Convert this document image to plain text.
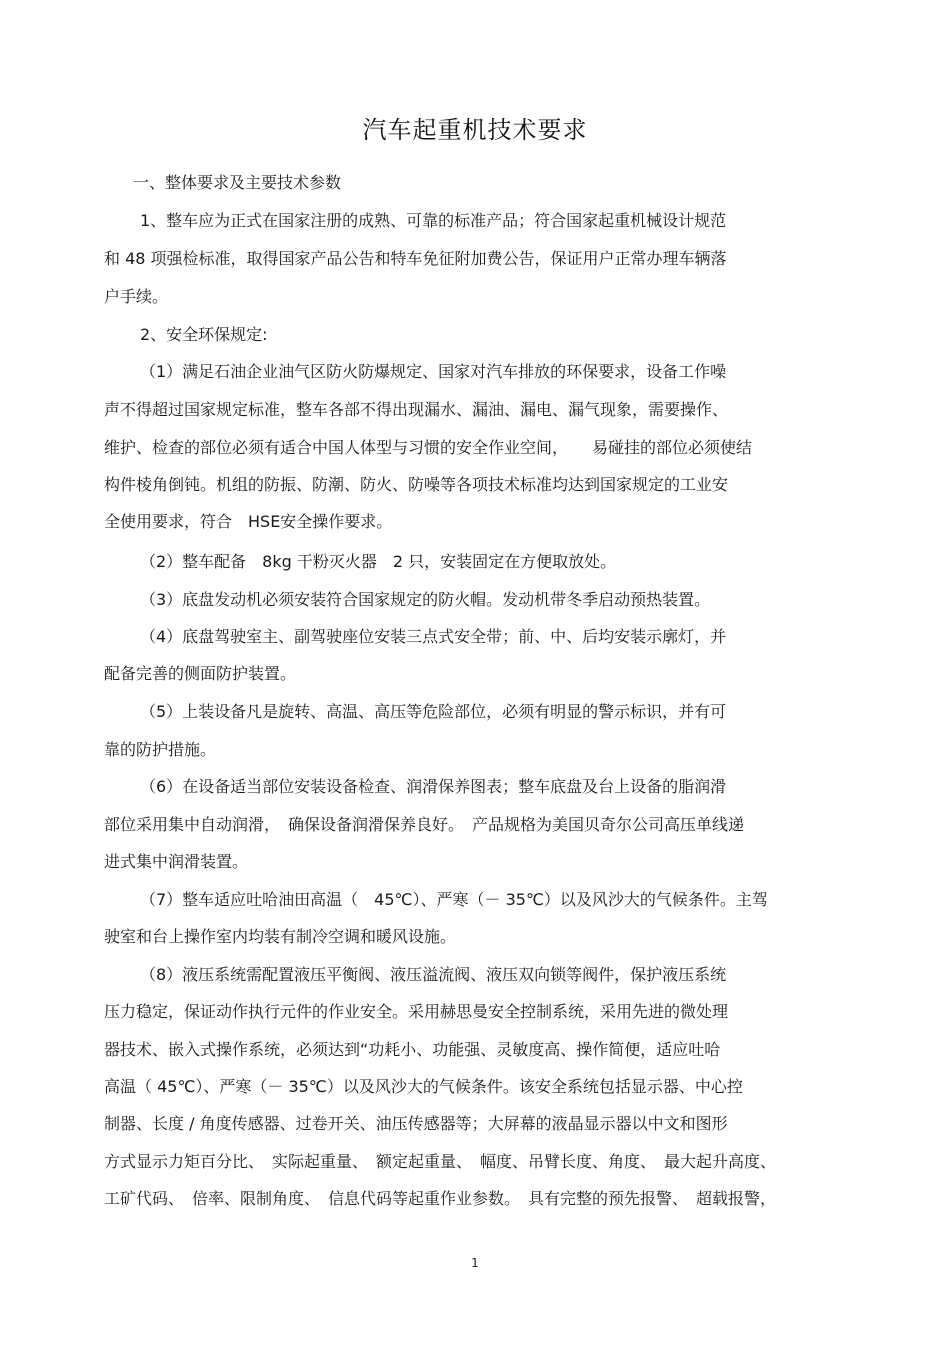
汽车起重机技术要求
一、整体要求及主要技术参数
1、整车应为正式在国家注册的成熟、可靠的标准产品；符合国家起重机械设计规范
和 48 项强检标准，取得国家产品公告和特车免征附加费公告，保证用户正常办理车辆落
户手续。
2、安全环保规定:
（1）满足石油企业油气区防火防爆规定、国家对汽车排放的环保要求，设备工作噪
声不得超过国家规定标准，整车各部不得出现漏水、漏油、漏电、漏气现象，需要操作、
维护、检查的部位必须有适合中国人体型与习惯的安全作业空间，　　易碰挂的部位必须使结
构件棱角倒钝。机组的防振、防潮、防火、防噪等各项技术标准均达到国家规定的工业安
全使用要求，符合　HSE安全操作要求。
（2）整车配备　8kg 干粉灭火器　2 只，安装固定在方便取放处。
（3）底盘发动机必须安装符合国家规定的防火帽。发动机带冬季启动预热装置。
（4）底盘驾驶室主、副驾驶座位安装三点式安全带；前、中、后均安装示廓灯，并
配备完善的侧面防护装置。
（5）上装设备凡是旋转、高温、高压等危险部位，必须有明显的警示标识，并有可
靠的防护措施。
（6）在设备适当部位安装设备检查、润滑保养图表；整车底盘及台上设备的脂润滑
部位采用集中自动润滑，　确保设备润滑保养良好。　产品规格为美国贝奇尔公司高压单线递
进式集中润滑装置。
（7）整车适应吐哈油田高温（　45℃）、严寒（－ 35℃）以及风沙大的气候条件。主驾
驶室和台上操作室内均装有制冷空调和暖风设施。
（8）液压系统需配置液压平衡阀、液压溢流阀、液压双向锁等阀件，保护液压系统
压力稳定，保证动作执行元件的作业安全。采用赫思曼安全控制系统，采用先进的微处理
器技术、嵌入式操作系统，必须达到“功耗小、功能强、灵敏度高、操作简便，适应吐哈
高温（ 45℃）、严寒（－ 35℃）以及风沙大的气候条件。该安全系统包括显示器、中心控
制器、长度 / 角度传感器、过卷开关、油压传感器等；大屏幕的液晶显示器以中文和图形
方式显示力矩百分比、　实际起重量、　额定起重量、　幅度、吊臂长度、角度、　最大起升高度、
工矿代码、　倍率、限制角度、　信息代码等起重作业参数。　具有完整的预先报警、　超载报警，
1
